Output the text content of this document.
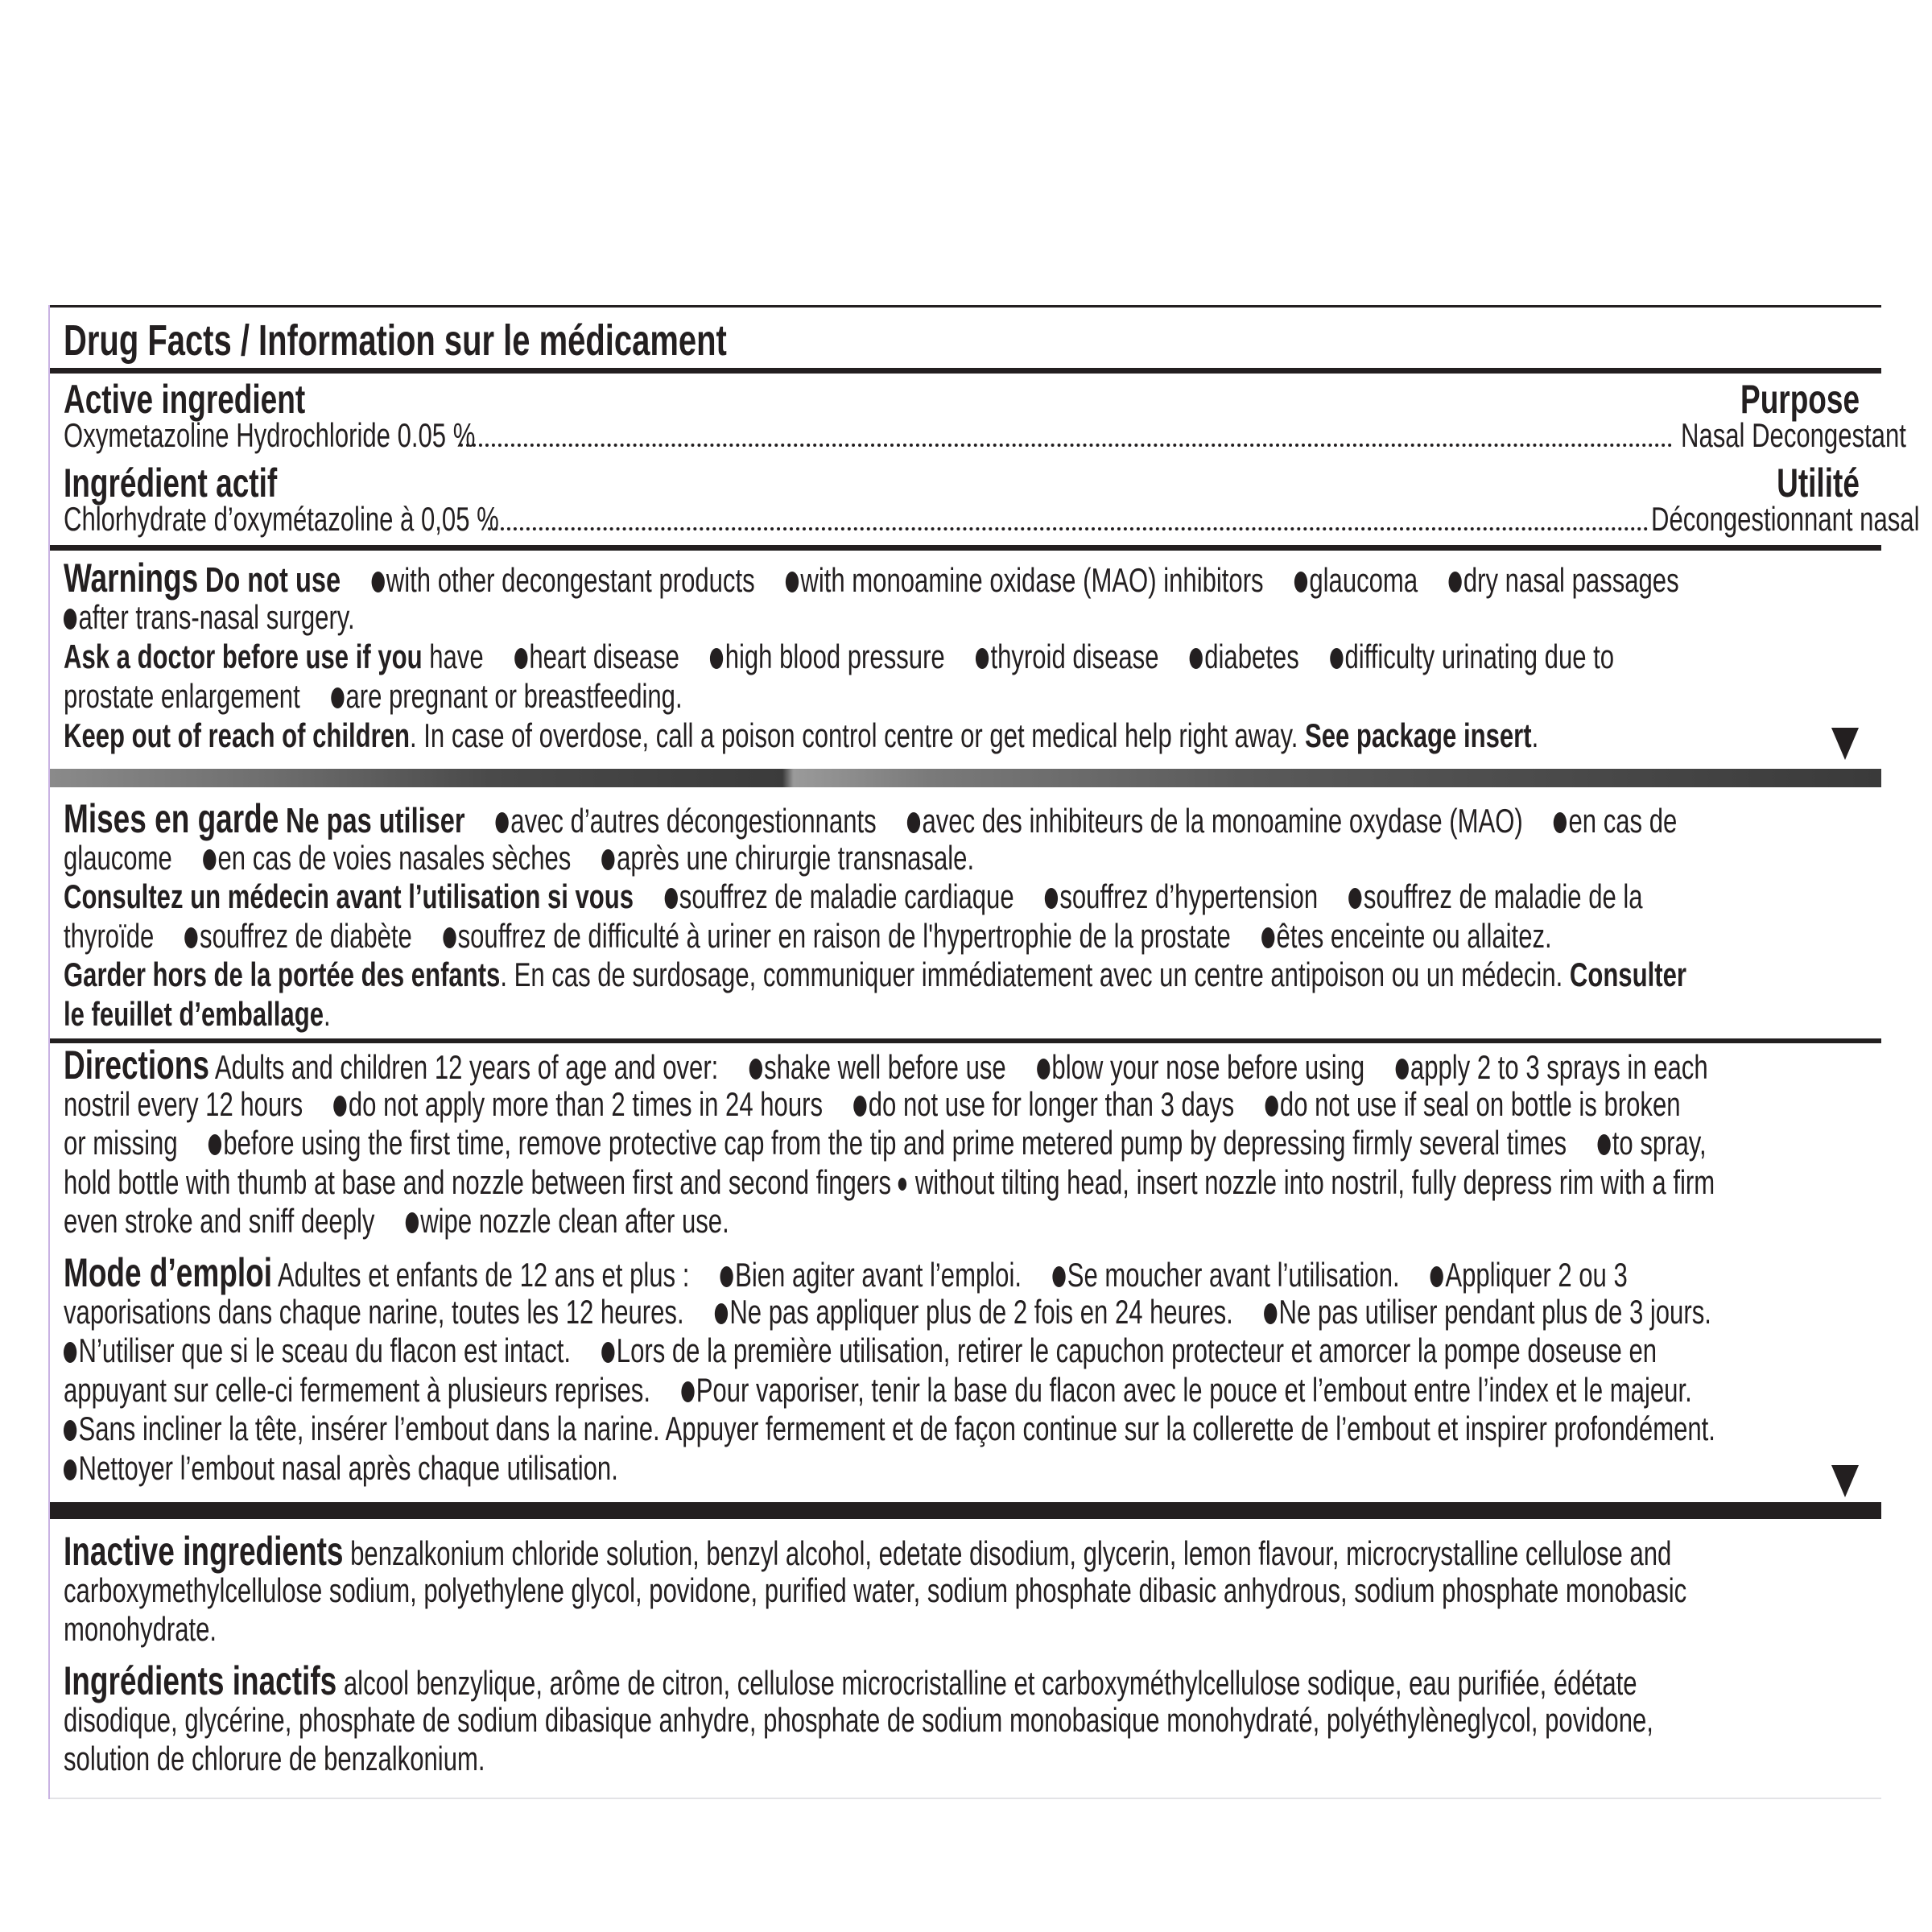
Drug Facts / Information sur le médicament
Active ingredient	Purpose
Oxymetazoline Hydrochloride 0.05 %	Nasal Decongestant
Ingrédient actif	Utilité
Chlorhydrate d’oxymétazoline à 0,05 %	Décongestionnant nasal
Warnings Do not use with other decongestant products with monoamine oxidase (MAO) inhibitors glaucoma dry nasal passages
after trans-nasal surgery.
Ask a doctor before use if you have heart disease high blood pressure thyroid disease diabetes difficulty urinating due to
prostate enlargement are pregnant or breastfeeding.
Keep out of reach of children. In case of overdose, call a poison control centre or get medical help right away. See package insert.
Mises en garde Ne pas utiliser avec d’autres décongestionnants avec des inhibiteurs de la monoamine oxydase (MAO) en cas de
glaucome en cas de voies nasales sèches après une chirurgie transnasale.
Consultez un médecin avant l’utilisation si vous souffrez de maladie cardiaque souffrez d’hypertension souffrez de maladie de la
thyroïde souffrez de diabète souffrez de difficulté à uriner en raison de l'hypertrophie de la prostate êtes enceinte ou allaitez.
Garder hors de la portée des enfants. En cas de surdosage, communiquer immédiatement avec un centre antipoison ou un médecin. Consulter
le feuillet d’emballage.
Directions Adults and children 12 years of age and over: shake well before use blow your nose before using apply 2 to 3 sprays in each
nostril every 12 hours do not apply more than 2 times in 24 hours do not use for longer than 3 days do not use if seal on bottle is broken
or missing before using the first time, remove protective cap from the tip and prime metered pump by depressing firmly several times to spray,
hold bottle with thumb at base and nozzle between first and second fingers without tilting head, insert nozzle into nostril, fully depress rim with a firm
even stroke and sniff deeply wipe nozzle clean after use.
Mode d’emploi Adultes et enfants de 12 ans et plus : Bien agiter avant l’emploi. Se moucher avant l’utilisation. Appliquer 2 ou 3
vaporisations dans chaque narine, toutes les 12 heures. Ne pas appliquer plus de 2 fois en 24 heures. Ne pas utiliser pendant plus de 3 jours.
N’utiliser que si le sceau du flacon est intact. Lors de la première utilisation, retirer le capuchon protecteur et amorcer la pompe doseuse en
appuyant sur celle-ci fermement à plusieurs reprises. Pour vaporiser, tenir la base du flacon avec le pouce et l’embout entre l’index et le majeur.
Sans incliner la tête, insérer l’embout dans la narine. Appuyer fermement et de façon continue sur la collerette de l’embout et inspirer profondément.
Nettoyer l’embout nasal après chaque utilisation.
Inactive ingredients benzalkonium chloride solution, benzyl alcohol, edetate disodium, glycerin, lemon flavour, microcrystalline cellulose and
carboxymethylcellulose sodium, polyethylene glycol, povidone, purified water, sodium phosphate dibasic anhydrous, sodium phosphate monobasic
monohydrate.
Ingrédients inactifs alcool benzylique, arôme de citron, cellulose microcristalline et carboxyméthylcellulose sodique, eau purifiée, édétate
disodique, glycérine, phosphate de sodium dibasique anhydre, phosphate de sodium monobasique monohydraté, polyéthylèneglycol, povidone,
solution de chlorure de benzalkonium.
